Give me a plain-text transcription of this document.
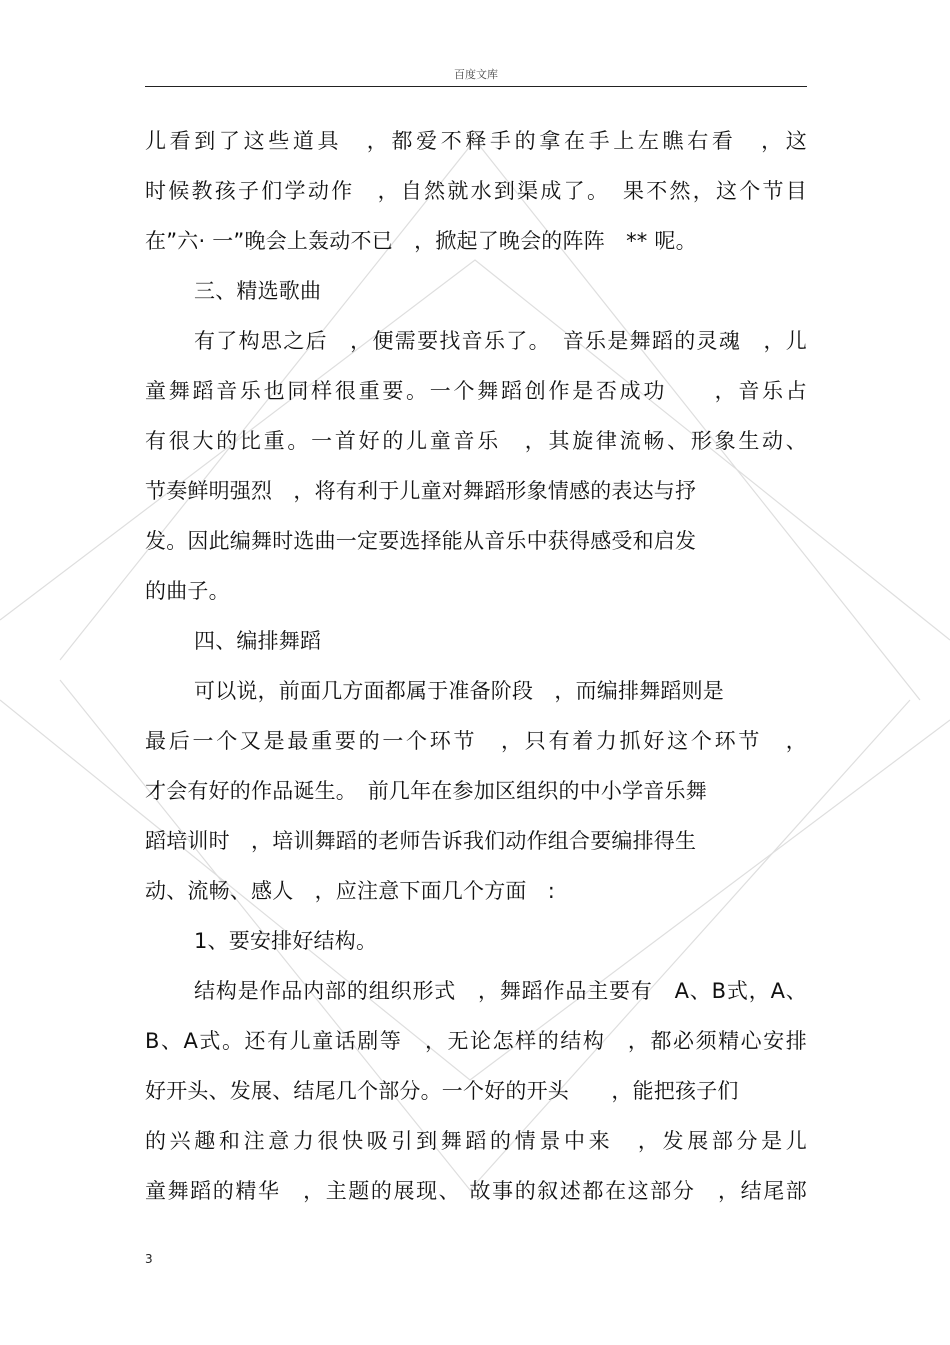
百度文库
儿看到了这些道具　，都爱不释手的拿在手上左瞧右看　，这
时候教孩子们学动作　，自然就水到渠成了。　果不然，这个节目
在”六· 一”晚会上轰动不已　，掀起了晚会的阵阵　** 呢。
三、精选歌曲
有了构思之后　，便需要找音乐了。　音乐是舞蹈的灵魂　，儿
童舞蹈音乐也同样很重要。一个舞蹈创作是否成功　　，音乐占
有很大的比重。一首好的儿童音乐　，其旋律流畅、形象生动、
节奏鲜明强烈　，将有利于儿童对舞蹈形象情感的表达与抒
发。因此编舞时选曲一定要选择能从音乐中获得感受和启发
的曲子。
四、编排舞蹈
可以说，前面几方面都属于准备阶段　，而编排舞蹈则是
最后一个又是最重要的一个环节　，只有着力抓好这个环节　，
才会有好的作品诞生。　前几年在参加区组织的中小学音乐舞
蹈培训时　，培训舞蹈的老师告诉我们动作组合要编排得生
动、流畅、感人　，应注意下面几个方面　:
1、要安排好结构。
结构是作品内部的组织形式　，舞蹈作品主要有　A、B式，A、
B、A式。还有儿童话剧等　，无论怎样的结构　，都必须精心安排
好开头、发展、结尾几个部分。一个好的开头　　，能把孩子们
的兴趣和注意力很快吸引到舞蹈的情景中来　，发展部分是儿
童舞蹈的精华　，主题的展现、 故事的叙述都在这部分　，结尾部
3
